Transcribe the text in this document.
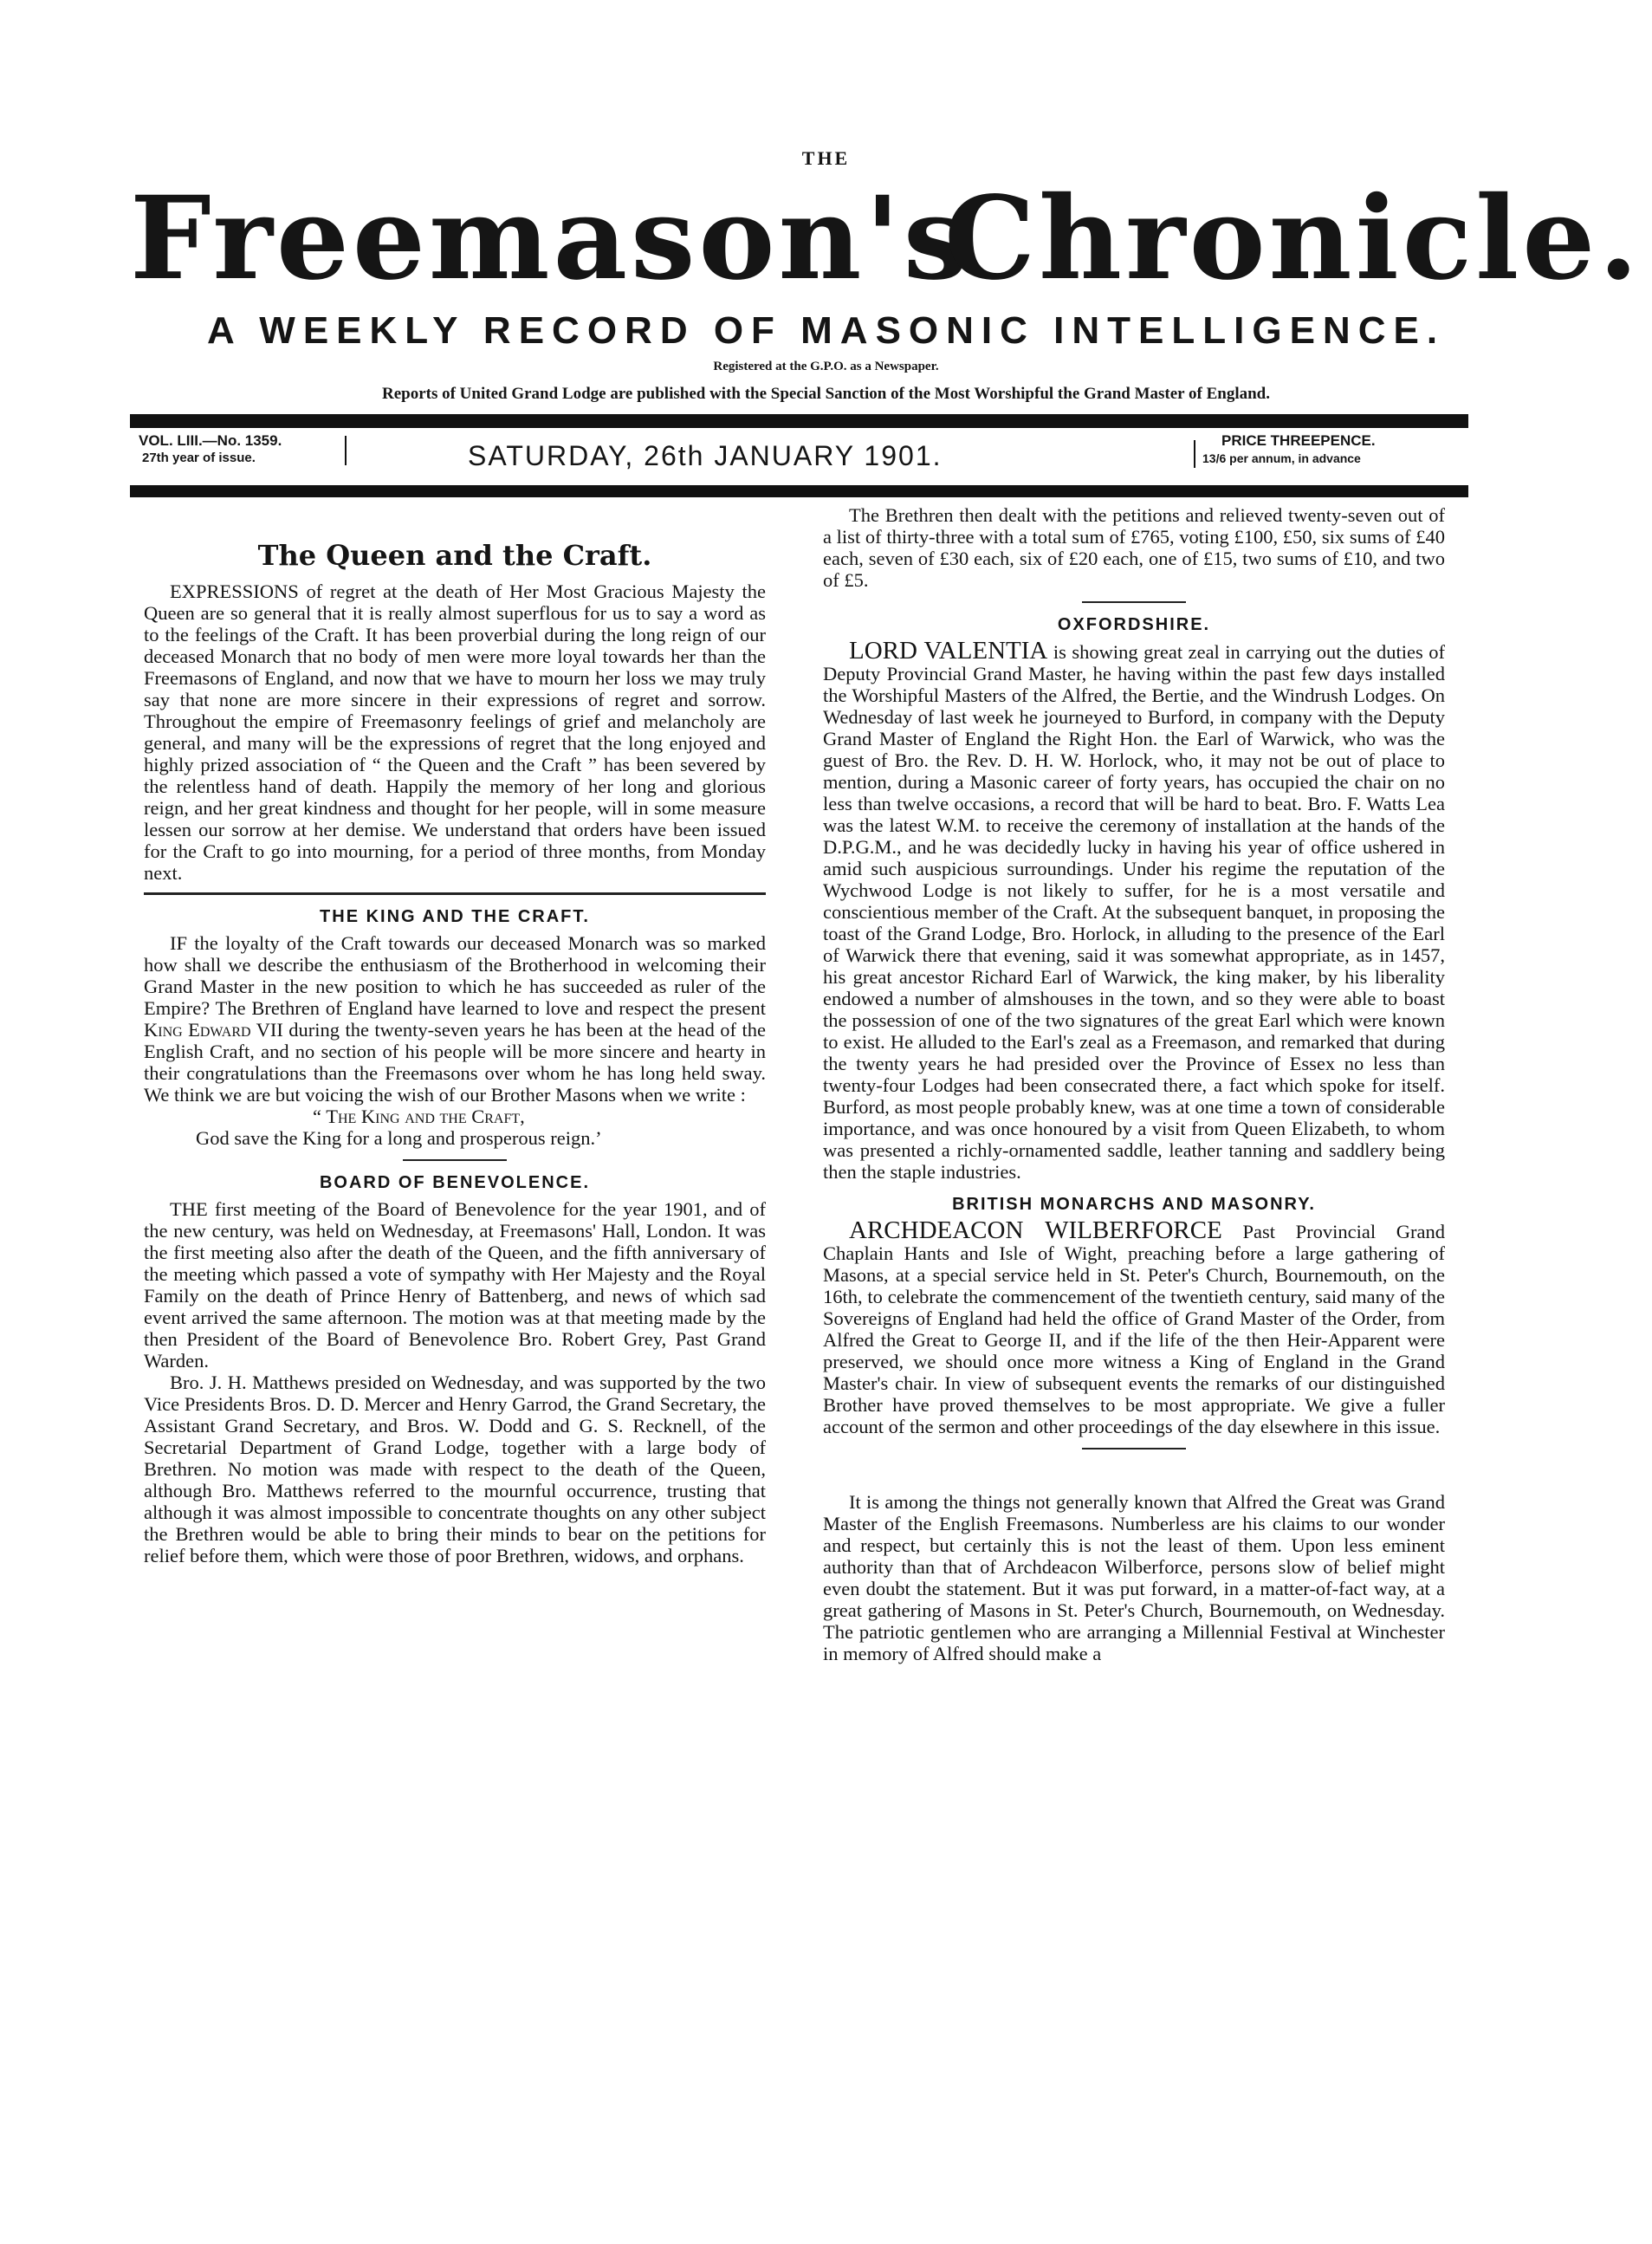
THE
Freemason's
Chronicle.
A WEEKLY RECORD OF MASONIC INTELLIGENCE.
Registered at the G.P.O. as a Newspaper.
Reports of United Grand Lodge are published with the Special Sanction of the Most Worshipful the Grand Master of England.
VOL. LIII.—No. 1359.
27th year of issue.	SATURDAY, 26th JANUARY 1901.	PRICE THREEPENCE.
13/6 per annum, in advance
The Queen and the Craft.

EXPRESSIONS of regret at the death of Her Most Gracious Majesty the Queen are so general that it is really almost superflous for us to say a word as to the feelings of the Craft. It has been proverbial during the long reign of our deceased Monarch that no body of men were more loyal towards her than the Freemasons of England, and now that we have to mourn her loss we may truly say that none are more sincere in their expressions of regret and sorrow. Throughout the empire of Freemasonry feelings of grief and melancholy are general, and many will be the expressions of regret that the long enjoyed and highly prized association of “ the Queen and the Craft ” has been severed by the relentless hand of death. Happily the memory of her long and glorious reign, and her great kindness and thought for her people, will in some measure lessen our sorrow at her demise. We understand that orders have been issued for the Craft to go into mourning, for a period of three months, from Monday next.

THE KING AND THE CRAFT.

IF the loyalty of the Craft towards our deceased Monarch was so marked how shall we describe the enthusiasm of the Brotherhood in welcoming their Grand Master in the new position to which he has succeeded as ruler of the Empire? The Brethren of England have learned to love and respect the present King Edward VII during the twenty-seven years he has been at the head of the English Craft, and no section of his people will be more sincere and hearty in their congratulations than the Freemasons over whom he has long held sway. We think we are but voicing the wish of our Brother Masons when we write :

“ The King and the Craft,
God save the King for a long and prosperous reign.’

BOARD OF BENEVOLENCE.

THE first meeting of the Board of Benevolence for the year 1901, and of the new century, was held on Wednesday, at Freemasons' Hall, London. It was the first meeting also after the death of the Queen, and the fifth anniversary of the meeting which passed a vote of sympathy with Her Majesty and the Royal Family on the death of Prince Henry of Battenberg, and news of which sad event arrived the same afternoon. The motion was at that meeting made by the then President of the Board of Benevolence Bro. Robert Grey, Past Grand Warden.

Bro. J. H. Matthews presided on Wednesday, and was supported by the two Vice Presidents Bros. D. D. Mercer and Henry Garrod, the Grand Secretary, the Assistant Grand Secretary, and Bros. W. Dodd and G. S. Recknell, of the Secretarial Department of Grand Lodge, together with a large body of Brethren. No motion was made with respect to the death of the Queen, although Bro. Matthews referred to the mournful occurrence, trusting that although it was almost impossible to concentrate thoughts on any other subject the Brethren would be able to bring their minds to bear on the petitions for relief before them, which were those of poor Brethren, widows, and orphans.

The Brethren then dealt with the petitions and relieved twenty-seven out of a list of thirty-three with a total sum of £765, voting £100, £50, six sums of £40 each, seven of £30 each, six of £20 each, one of £15, two sums of £10, and two of £5.

OXFORDSHIRE.

LORD VALENTIA is showing great zeal in carrying out the duties of Deputy Provincial Grand Master, he having within the past few days installed the Worshipful Masters of the Alfred, the Bertie, and the Windrush Lodges. On Wednesday of last week he journeyed to Burford, in company with the Deputy Grand Master of England the Right Hon. the Earl of Warwick, who was the guest of Bro. the Rev. D. H. W. Horlock, who, it may not be out of place to mention, during a Masonic career of forty years, has occupied the chair on no less than twelve occasions, a record that will be hard to beat. Bro. F. Watts Lea was the latest W.M. to receive the ceremony of installation at the hands of the D.P.G.M., and he was decidedly lucky in having his year of office ushered in amid such auspicious surroundings. Under his regime the reputation of the Wychwood Lodge is not likely to suffer, for he is a most versatile and conscientious member of the Craft. At the subsequent banquet, in proposing the toast of the Grand Lodge, Bro. Horlock, in alluding to the presence of the Earl of Warwick there that evening, said it was somewhat appropriate, as in 1457, his great ancestor Richard Earl of Warwick, the king maker, by his liberality endowed a number of almshouses in the town, and so they were able to boast the possession of one of the two signatures of the great Earl which were known to exist. He alluded to the Earl's zeal as a Freemason, and remarked that during the twenty years he had presided over the Province of Essex no less than twenty-four Lodges had been consecrated there, a fact which spoke for itself. Burford, as most people probably knew, was at one time a town of considerable importance, and was once honoured by a visit from Queen Elizabeth, to whom was presented a richly-ornamented saddle, leather tanning and saddlery being then the staple industries.

BRITISH MONARCHS AND MASONRY.

ARCHDEACON WILBERFORCE Past Provincial Grand Chaplain Hants and Isle of Wight, preaching before a large gathering of Masons, at a special service held in St. Peter's Church, Bournemouth, on the 16th, to celebrate the commencement of the twentieth century, said many of the Sovereigns of England had held the office of Grand Master of the Order, from Alfred the Great to George II, and if the life of the then Heir-Apparent were preserved, we should once more witness a King of England in the Grand Master's chair. In view of subsequent events the remarks of our distinguished Brother have proved themselves to be most appropriate. We give a fuller account of the sermon and other proceedings of the day elsewhere in this issue.

It is among the things not generally known that Alfred the Great was Grand Master of the English Freemasons. Numberless are his claims to our wonder and respect, but certainly this is not the least of them. Upon less eminent authority than that of Archdeacon Wilberforce, persons slow of belief might even doubt the statement. But it was put forward, in a matter-of-fact way, at a great gathering of Masons in St. Peter's Church, Bournemouth, on Wednesday. The patriotic gentlemen who are arranging a Millennial Festival at Winchester in memory of Alfred should make a
